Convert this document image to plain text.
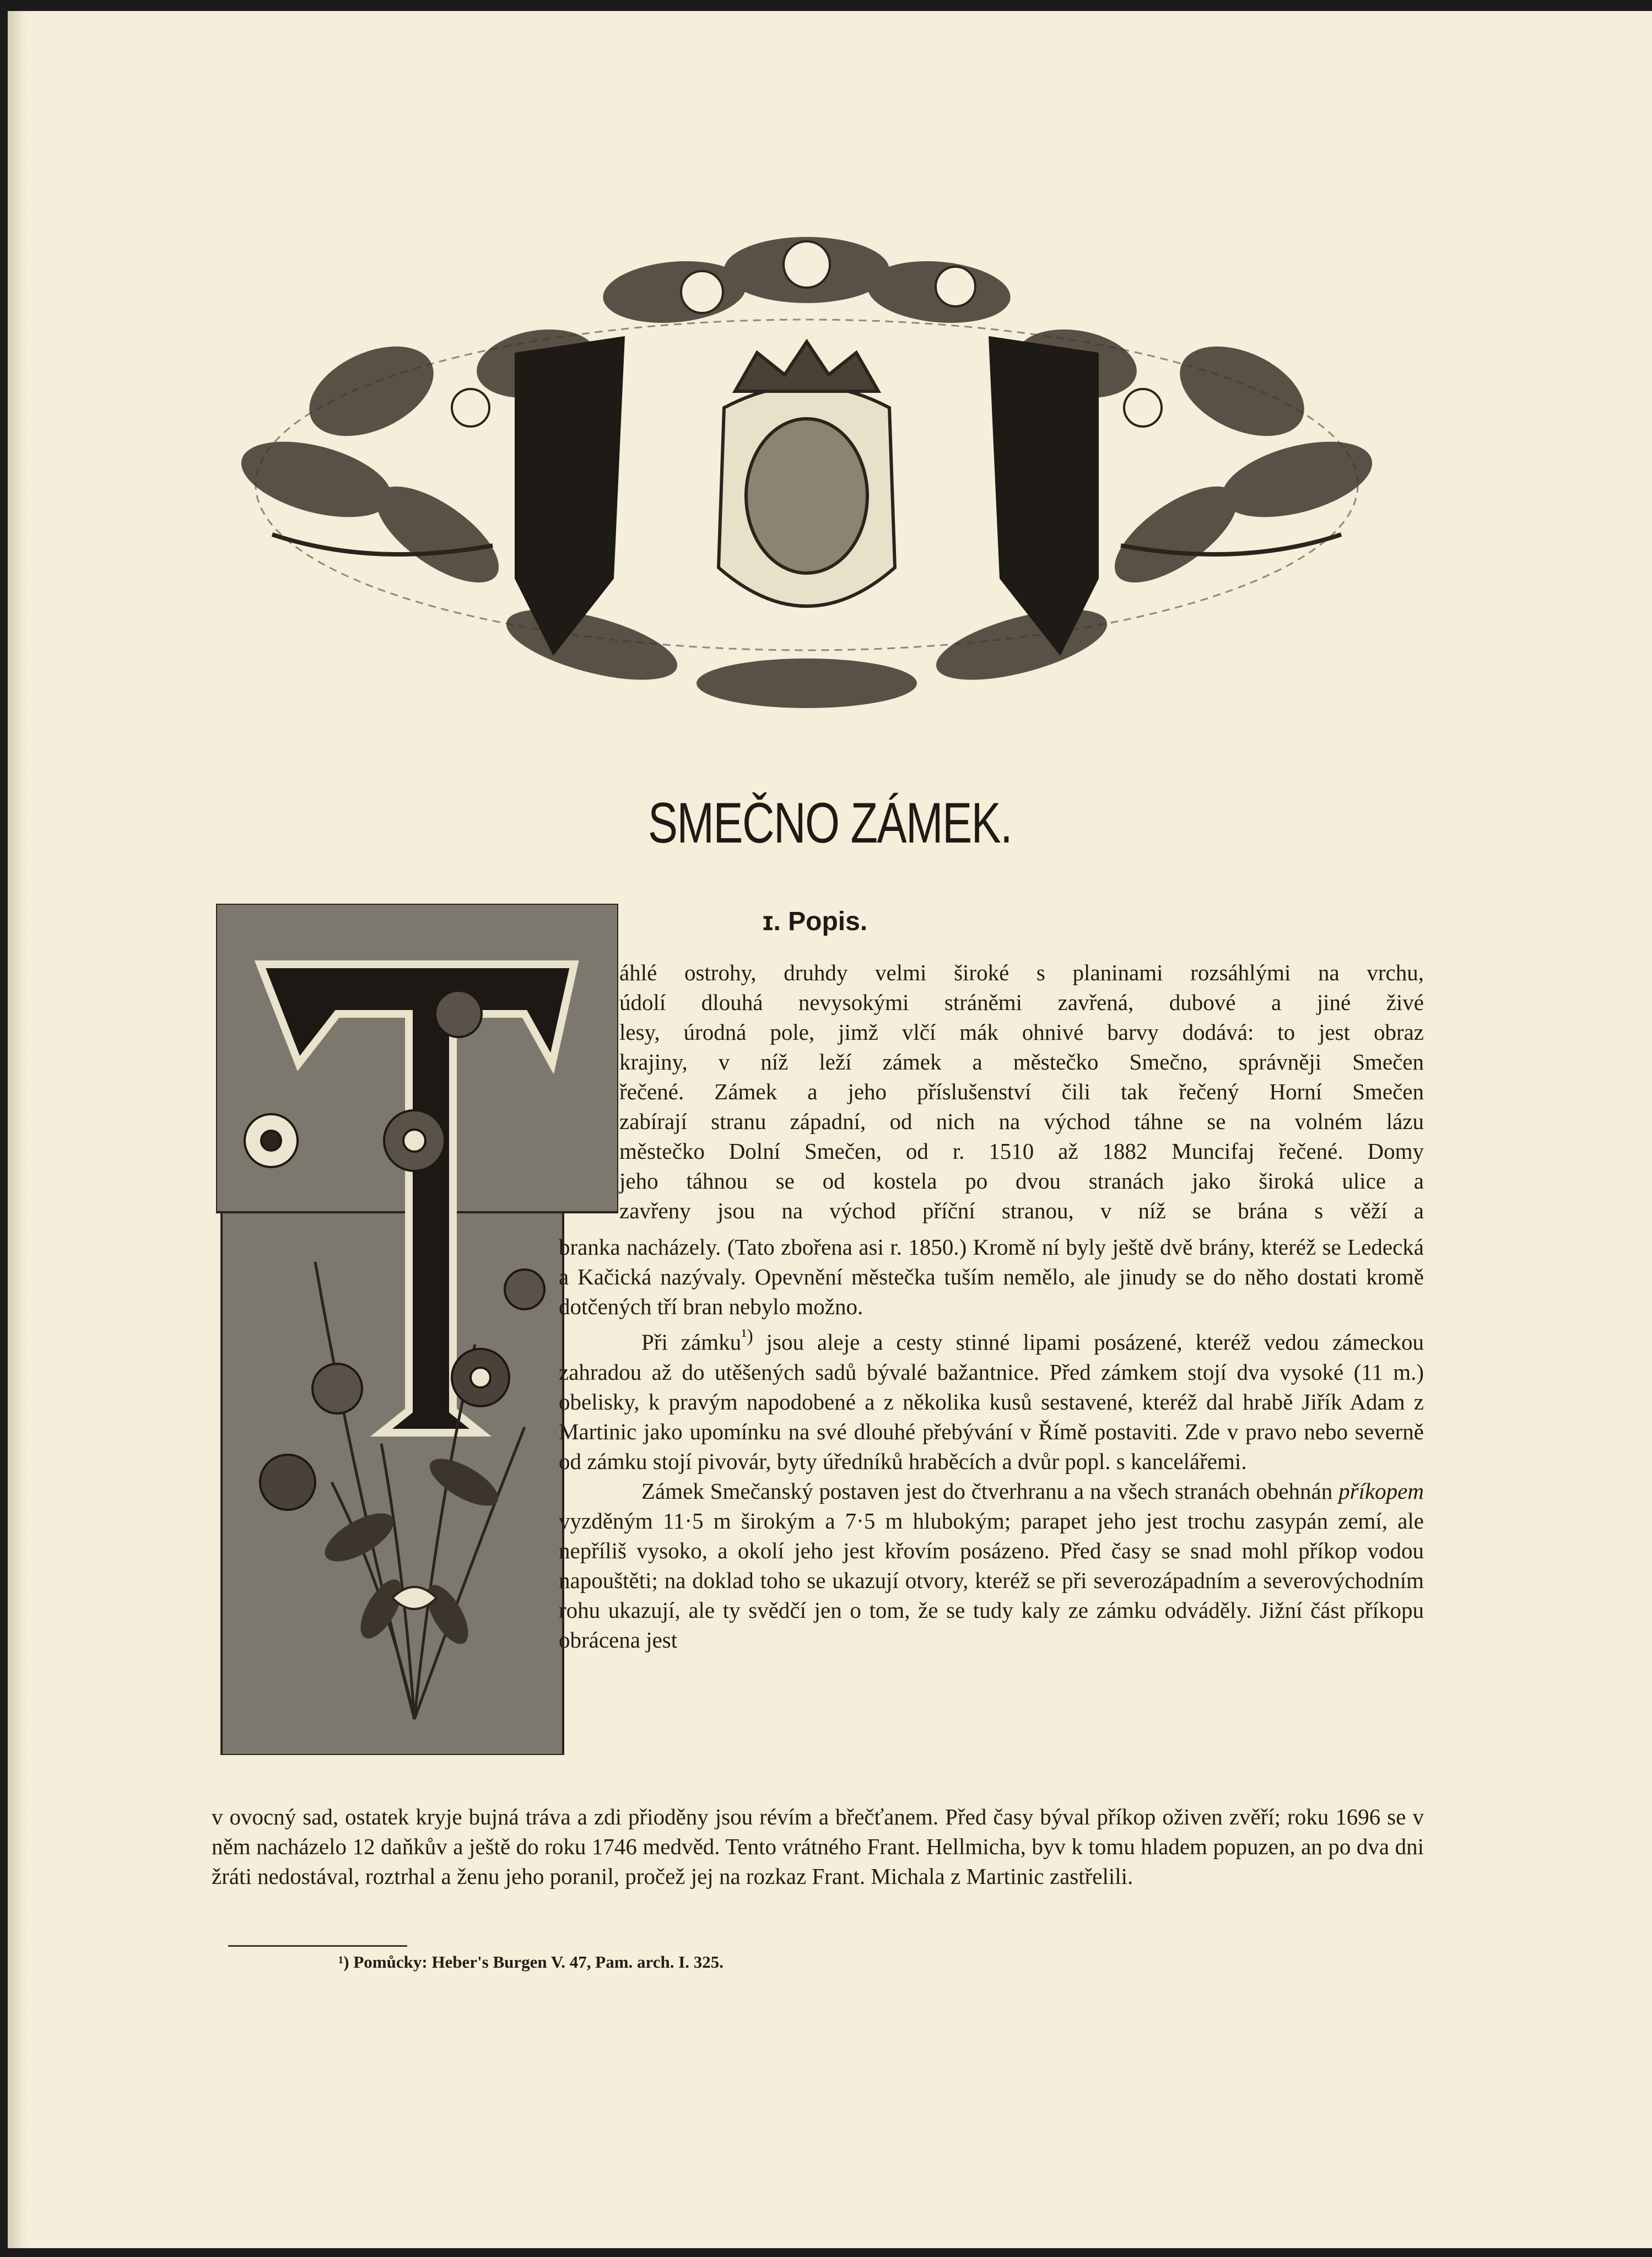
SMEČNO ZÁMEK.
ɪ. Popis.
T
áhlé ostrohy, druhdy velmi široké s planinami rozsáhlými na vrchu,
údolí dlouhá nevysokými stráněmi zavřená, dubové a jiné živé
lesy, úrodná pole, jimž vlčí mák ohnivé barvy dodává: to jest obraz
krajiny, v níž leží zámek a městečko Smečno, správněji Smečen
řečené. Zámek a jeho příslušenství čili tak řečený Horní Smečen
zabírají stranu západní, od nich na východ táhne se na volném lázu
městečko Dolní Smečen, od r. 1510 až 1882 Muncifaj řečené. Domy
jeho táhnou se od kostela po dvou stranách jako široká ulice a
zavřeny jsou na východ příční stranou, v níž se brána s věží a

branka nacházely. (Tato zbořena asi r. 1850.) Kromě ní byly ještě dvě brány, kteréž se Ledecká a Kačická nazývaly. Opevnění městečka tuším nemělo, ale jinudy se do něho dostati kromě dotčených tří bran nebylo možno.

Při zámku$^{^1)}$ jsou aleje a cesty stinné lipami posázené, kteréž vedou zámeckou zahradou až do utěšených sadů bývalé bažantnice. Před zámkem stojí dva vysoké (11 m.) obelisky, k pravým napodobené a z několika kusů sestavené, kteréž dal hrabě Jiřík Adam z Martinic jako upomínku na své dlouhé přebývání v Římě postaviti. Zde v pravo nebo severně od zámku stojí pivovár, byty úředníků hraběcích a dvůr popl. s kancelářemi.

Zámek Smečanský postaven jest do čtverhranu a na všech stranách obehnán příkopem vyzděným 11·5 m širokým a 7·5 m hlubokým; parapet jeho jest trochu zasypán zemí, ale nepříliš vysoko, a okolí jeho jest křovím posázeno. Před časy se snad mohl příkop vodou napouštěti; na doklad toho se ukazují otvory, kteréž se při severozápadním a severovýchodním rohu ukazují, ale ty svědčí jen o tom, že se tudy kaly ze zámku odváděly. Jižní část příkopu obrácena jest

v ovocný sad, ostatek kryje bujná tráva a zdi přioděny jsou révím a břečťanem. Před časy býval příkop oživen zvěří; roku 1696 se v něm nacházelo 12 daňkův a ještě do roku 1746 medvěd. Tento vrátného Frant. Hellmicha, byv k tomu hladem popuzen, an po dva dni žráti nedostával, roztrhal a ženu jeho poranil, pročež jej na rozkaz Frant. Michala z Martinic zastřelili.

¹) Pomůcky: Heber's Burgen V. 47, Pam. arch. I. 325.
